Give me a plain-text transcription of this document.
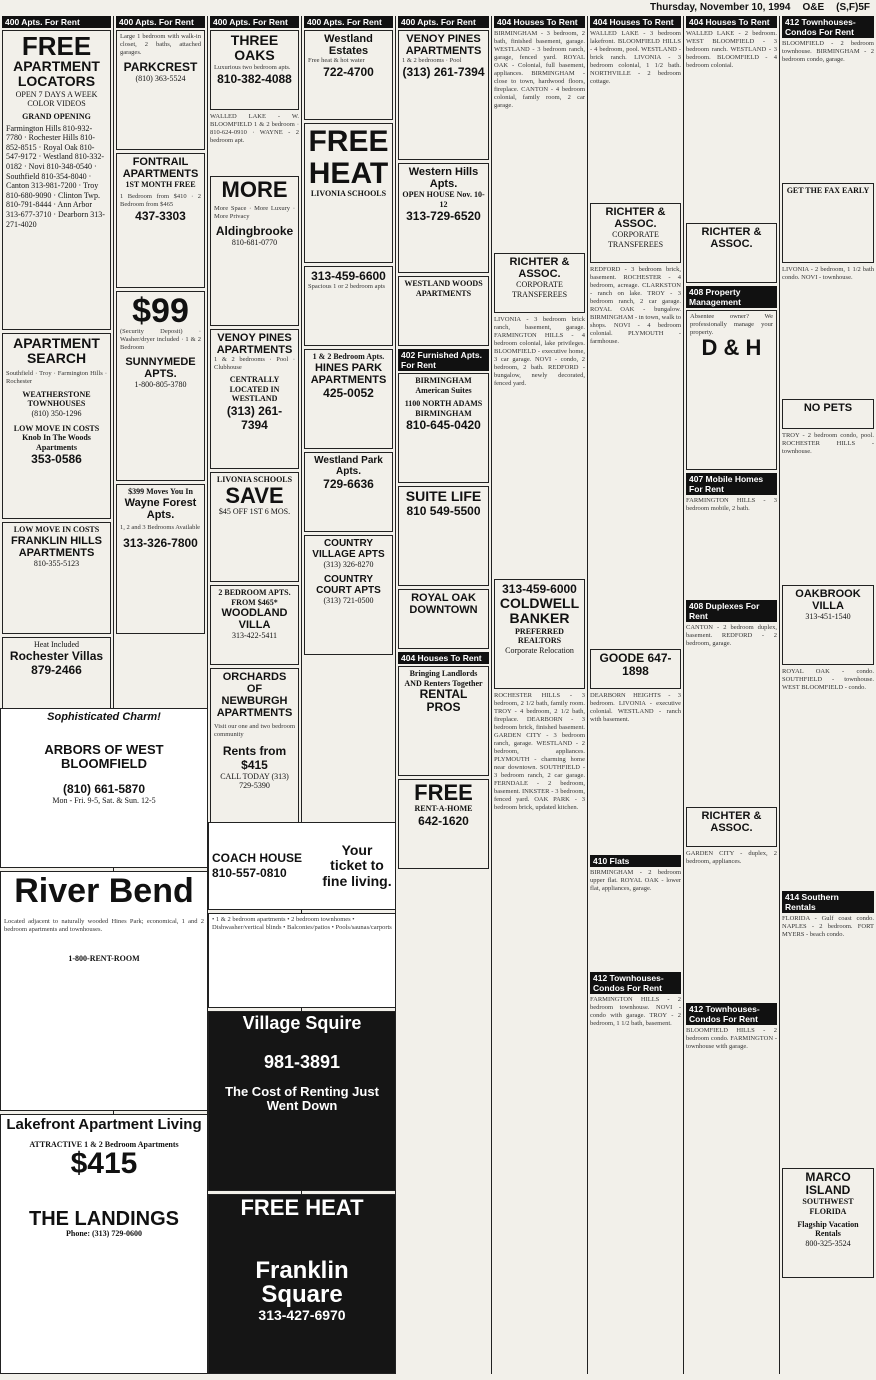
Thursday, November 10, 1994 O&E (S,F)5F
400 Apts. For Rent
FREE
APARTMENT LOCATORS
OPEN 7 DAYS A WEEK
COLOR VIDEOS
GRAND OPENING
Farmington Hills 810-932-7780 · Rochester Hills 810-852-8515 · Royal Oak 810-547-9172 · Westland 810-332-0182 · Novi 810-348-0540 · Southfield 810-354-8040 · Canton 313-981-7200 · Troy 810-680-9090 · Clinton Twp. 810-791-8444 · Ann Arbor 313-677-3710 · Dearborn 313-271-4020
APARTMENT SEARCH
Southfield · Troy · Farmington Hills · Rochester
WEATHERSTONE TOWNHOUSES
(810) 350-1296
LOW MOVE IN COSTS
Knob In The Woods Apartments
353-0586
LOW MOVE IN COSTS
FRANKLIN HILLS APARTMENTS
810-355-5123
Heat Included
Rochester Villas
879-2466
400 Apts. For Rent
Large 1 bedroom with walk-in closet, 2 baths, attached garages.
PARKCREST
(810) 363-5524
FONTRAIL APARTMENTS
1ST MONTH FREE
1 Bedroom from $410 · 2 Bedroom from $465
437-3303
$99
(Security Deposit) · Washer/dryer included · 1 & 2 Bedroom
SUNNYMEDE APTS.
1-800-805-3780
$399 Moves You In
Wayne Forest Apts.
1, 2 and 3 Bedrooms Available
313-326-7800
400 Apts. For Rent
THREE OAKS
Luxurious two bedroom apts.
810-382-4088
WALLED LAKE - W. BLOOMFIELD 1 & 2 bedroom · 810-624-0910 · WAYNE - 2 bedroom apt.
MORE
More Space · More Luxury · More Privacy
Aldingbrooke
810-681-0770
VENOY PINES APARTMENTS
1 & 2 bedrooms · Pool · Clubhouse
CENTRALLY LOCATED IN WESTLAND
(313) 261-7394
LIVONIA SCHOOLS
SAVE
$45 OFF 1ST 6 MOS.
2 BEDROOM APTS. FROM $465*
WOODLAND VILLA
313-422-5411
ORCHARDS OF NEWBURGH APARTMENTS
Visit our one and two bedroom community
Rents from $415
CALL TODAY (313) 729-5390
400 Apts. For Rent
Westland Estates
Free heat & hot water
722-4700
FREE HEAT
LIVONIA SCHOOLS
313-459-6600
Spacious 1 or 2 bedroom apts
1 & 2 Bedroom Apts.
HINES PARK APARTMENTS
425-0052
Westland Park Apts.
729-6636
COUNTRY VILLAGE APTS
(313) 326-8270
COUNTRY COURT APTS
(313) 721-0500
400 Apts. For Rent
VENOY PINES APARTMENTS
1 & 2 bedrooms · Pool
(313) 261-7394
Western Hills Apts.
OPEN HOUSE Nov. 10-12
313-729-6520
WESTLAND WOODS APARTMENTS
402 Furnished Apts. For Rent
BIRMINGHAM American Suites
1100 NORTH ADAMS BIRMINGHAM
810-645-0420
SUITE LIFE
810 549-5500
ROYAL OAK DOWNTOWN
404 Houses To Rent
Bringing Landlords AND Renters Together
RENTAL PROS
FREE
RENT-A-HOME
642-1620
404 Houses To Rent
BIRMINGHAM - 3 bedroom, 2 bath, finished basement, garage. WESTLAND - 3 bedroom ranch, garage, fenced yard. ROYAL OAK - Colonial, full basement, appliances. BIRMINGHAM - close to town, hardwood floors, fireplace. CANTON - 4 bedroom colonial, family room, 2 car garage.
RICHTER & ASSOC.
CORPORATE TRANSFEREES
LIVONIA - 3 bedroom brick ranch, basement, garage. FARMINGTON HILLS - 4 bedroom colonial, lake privileges. BLOOMFIELD - executive home, 3 car garage. NOVI - condo, 2 bedroom, 2 bath. REDFORD - bungalow, newly decorated, fenced yard.
313-459-6000
COLDWELL BANKER
PREFERRED REALTORS
Corporate Relocation
ROCHESTER HILLS - 3 bedroom, 2 1/2 bath, family room. TROY - 4 bedroom, 2 1/2 bath, fireplace. DEARBORN - 3 bedroom brick, finished basement. GARDEN CITY - 3 bedroom ranch, garage. WESTLAND - 2 bedroom, appliances. PLYMOUTH - charming home near downtown. SOUTHFIELD - 3 bedroom ranch, 2 car garage. FERNDALE - 2 bedroom, basement. INKSTER - 3 bedroom, fenced yard. OAK PARK - 3 bedroom brick, updated kitchen.
404 Houses To Rent
WALLED LAKE - 3 bedroom lakefront. BLOOMFIELD HILLS - 4 bedroom, pool. WESTLAND - brick ranch. LIVONIA - 3 bedroom colonial, 1 1/2 bath. NORTHVILLE - 2 bedroom cottage.
RICHTER & ASSOC.
CORPORATE TRANSFEREES
REDFORD - 3 bedroom brick, basement. ROCHESTER - 4 bedroom, acreage. CLARKSTON - ranch on lake. TROY - 3 bedroom ranch, 2 car garage. ROYAL OAK - bungalow. BIRMINGHAM - in town, walk to shops. NOVI - 4 bedroom colonial. PLYMOUTH - farmhouse.
GOODE 647-1898
DEARBORN HEIGHTS - 3 bedroom. LIVONIA - executive colonial. WESTLAND - ranch with basement.
410 Flats
BIRMINGHAM - 2 bedroom upper flat. ROYAL OAK - lower flat, appliances, garage.
412 Townhouses-Condos For Rent
FARMINGTON HILLS - 2 bedroom townhouse. NOVI - condo with garage. TROY - 2 bedroom, 1 1/2 bath, basement.
404 Houses To Rent
WALLED LAKE - 2 bedroom. WEST BLOOMFIELD - 3 bedroom ranch. WESTLAND - 3 bedroom. BLOOMFIELD - 4 bedroom colonial.
RICHTER & ASSOC.
408 Property Management
Absentee owner? We professionally manage your property.
D & H
407 Mobile Homes For Rent
FARMINGTON HILLS - 3 bedroom mobile, 2 bath.
408 Duplexes For Rent
CANTON - 2 bedroom duplex, basement. REDFORD - 2 bedroom, garage.
RICHTER & ASSOC.
GARDEN CITY - duplex, 2 bedroom, appliances.
412 Townhouses-Condos For Rent
BLOOMFIELD HILLS - 2 bedroom condo. FARMINGTON - townhouse with garage.
412 Townhouses-Condos For Rent
BLOOMFIELD - 2 bedroom townhouse. BIRMINGHAM - 2 bedroom condo, garage.
GET THE FAX EARLY
LIVONIA - 2 bedroom, 1 1/2 bath condo. NOVI - townhouse.
NO PETS
TROY - 2 bedroom condo, pool. ROCHESTER HILLS - townhouse.
OAKBROOK VILLA
313-451-1540
ROYAL OAK - condo. SOUTHFIELD - townhouse. WEST BLOOMFIELD - condo.
414 Southern Rentals
FLORIDA - Gulf coast condo. NAPLES - 2 bedroom. FORT MYERS - beach condo.
MARCO ISLAND
SOUTHWEST FLORIDA
Flagship Vacation Rentals
800-325-3524
Sophisticated Charm!
ARBORS OF WEST BLOOMFIELD
(810) 661-5870
Mon - Fri. 9-5, Sat. & Sun. 12-5
River Bend
Located adjacent to naturally wooded Hines Park; economical, 1 and 2 bedroom apartments and townhouses.
1-800-RENT-ROOM
Lakefront Apartment Living
ATTRACTIVE 1 & 2 Bedroom Apartments
$415
THE LANDINGS
Phone: (313) 729-0600
COACH HOUSE
810-557-0810
Your ticket to fine living.
• 1 & 2 bedroom apartments • 2 bedroom townhomes • Dishwasher/vertical blinds • Balconies/patios • Pools/saunas/carports
Village Squire
981-3891
The Cost of Renting Just Went Down
FREE HEAT
Franklin Square
313-427-6970
